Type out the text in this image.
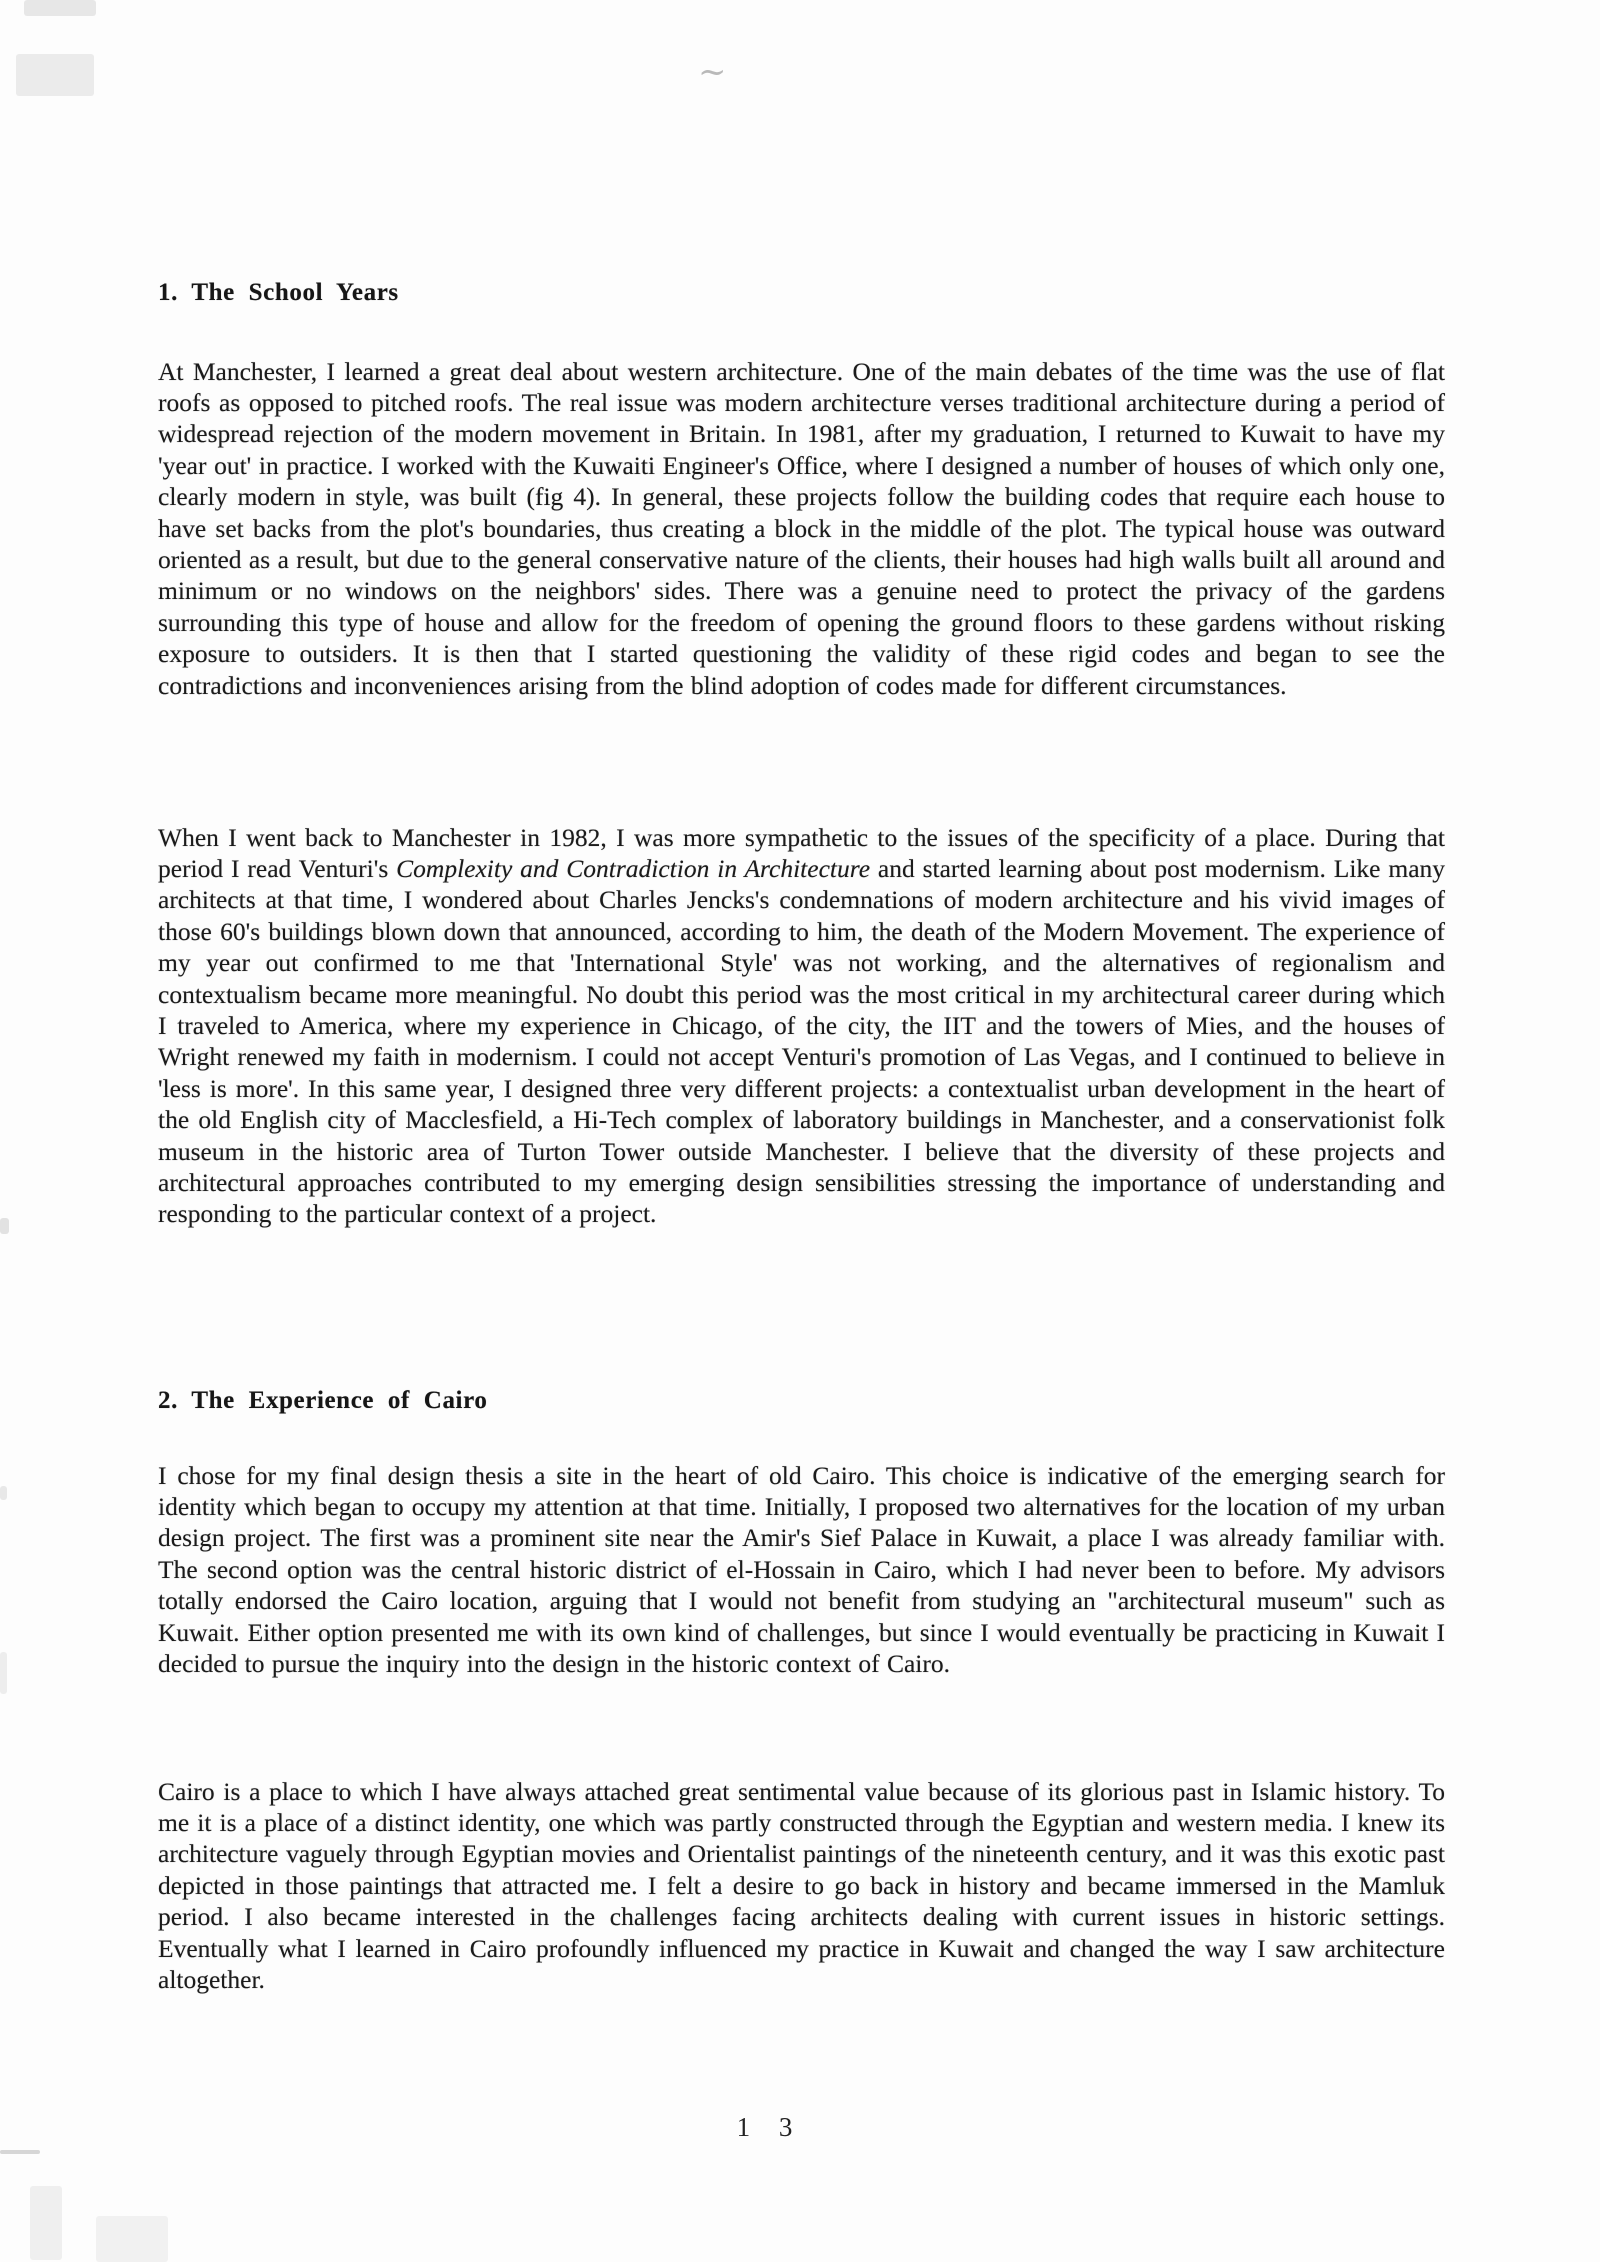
~
1. The School Years

At Manchester, I learned a great deal about western architecture. One of the main debates of the time was the use of flat roofs as opposed to pitched roofs. The real issue was modern architecture verses traditional architecture during a period of widespread rejection of the modern movement in Britain. In 1981, after my graduation, I returned to Kuwait to have my 'year out' in practice. I worked with the Kuwaiti Engineer's Office, where I designed a number of houses of which only one, clearly modern in style, was built (fig 4). In general, these projects follow the building codes that require each house to have set backs from the plot's boundaries, thus creating a block in the middle of the plot. The typical house was outward oriented as a result, but due to the general conservative nature of the clients, their houses had high walls built all around and minimum or no windows on the neighbors' sides. There was a genuine need to protect the privacy of the gardens surrounding this type of house and allow for the freedom of opening the ground floors to these gardens without risking exposure to outsiders. It is then that I started questioning the validity of these rigid codes and began to see the contradictions and inconveniences arising from the blind adoption of codes made for different circumstances.

When I went back to Manchester in 1982, I was more sympathetic to the issues of the specificity of a place. During that period I read Venturi's Complexity and Contradiction in Architecture and started learning about post modernism. Like many architects at that time, I wondered about Charles Jencks's condemnations of modern architecture and his vivid images of those 60's buildings blown down that announced, according to him, the death of the Modern Movement. The experience of my year out confirmed to me that 'International Style' was not working, and the alternatives of regionalism and contextualism became more meaningful. No doubt this period was the most critical in my architectural career during which I traveled to America, where my experience in Chicago, of the city, the IIT and the towers of Mies, and the houses of Wright renewed my faith in modernism. I could not accept Venturi's promotion of Las Vegas, and I continued to believe in 'less is more'. In this same year, I designed three very different projects: a contextualist urban development in the heart of the old English city of Macclesfield, a Hi-Tech complex of laboratory buildings in Manchester, and a conservationist folk museum in the historic area of Turton Tower outside Manchester. I believe that the diversity of these projects and architectural approaches contributed to my emerging design sensibilities stressing the importance of understanding and responding to the particular context of a project.

2. The Experience of Cairo

I chose for my final design thesis a site in the heart of old Cairo. This choice is indicative of the emerging search for identity which began to occupy my attention at that time. Initially, I proposed two alternatives for the location of my urban design project. The first was a prominent site near the Amir's Sief Palace in Kuwait, a place I was already familiar with. The second option was the central historic district of el-Hossain in Cairo, which I had never been to before. My advisors totally endorsed the Cairo location, arguing that I would not benefit from studying an "architectural museum" such as Kuwait. Either option presented me with its own kind of challenges, but since I would eventually be practicing in Kuwait I decided to pursue the inquiry into the design in the historic context of Cairo.

Cairo is a place to which I have always attached great sentimental value because of its glorious past in Islamic history. To me it is a place of a distinct identity, one which was partly constructed through the Egyptian and western media. I knew its architecture vaguely through Egyptian movies and Orientalist paintings of the nineteenth century, and it was this exotic past depicted in those paintings that attracted me. I felt a desire to go back in history and became immersed in the Mamluk period. I also became interested in the challenges facing architects dealing with current issues in historic settings. Eventually what I learned in Cairo profoundly influenced my practice in Kuwait and changed the way I saw architecture altogether.

1 3
